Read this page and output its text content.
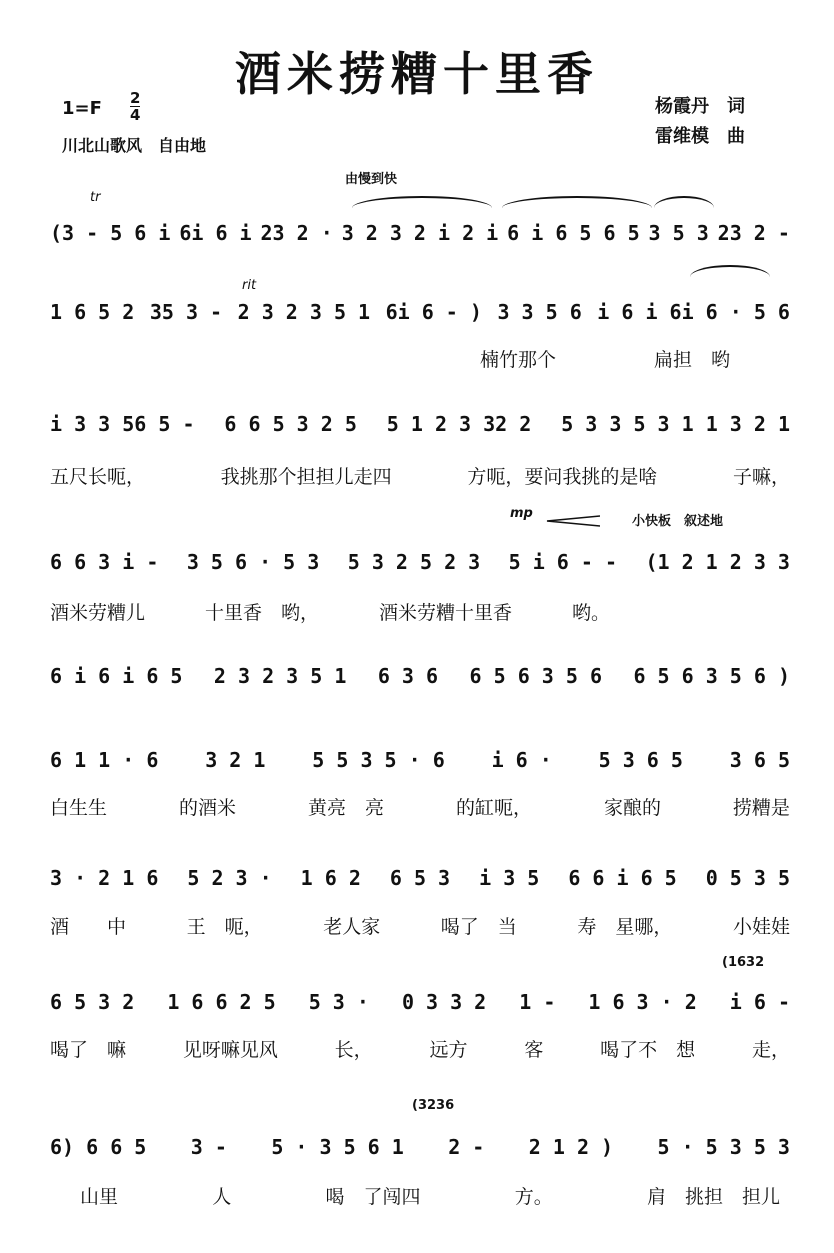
酒米捞糟十里香
1=F 2
4
川北山歌风　自由地
杨霞丹　词
雷维模　曲
由慢到快
tr
rit
mp
小快板　叙述地
(1632
(3236
(3 - 5 6 i 6i 6 i 23 2 · 3 2 3 2 i 2 i 6 i 6 5 6 5 3 5 3 23 2 -
1 6 5 2 35 3 - 2 3 2 3 5 1 6i 6 - ) 3 3 5 6 i 6 i 6i 6 · 5 6
楠竹那个	扁担　哟
i 3 3 56 5 - 6 6 5 3 2 5 5 1 2 3 32 2 5 3 3 5 3 1 1 3 2 1
五尺长呃，	我挑那个担担儿走四	方呃，要问我挑的是啥	子嘛，
6 6 3 i - 3 5 6 · 5 3 5 3 2 5 2 3 5 i 6 - - (1 2 1 2 3 3
酒米劳糟儿	十里香　哟，	酒米劳糟十里香	哟。
6 i 6 i 6 5 2 3 2 3 5 1 6 3 6 6 5 6 3 5 6 6 5 6 3 5 6 )
6 1 1 · 6 3 2 1 5 5 3 5 · 6 i 6 · 5 3 6 5 3 6 5
白生生	的酒米	黄亮　亮	的缸呃，	家酿的	捞糟是
3 · 2 1 6 5 2 3 · 1 6 2 6 5 3 i 3 5 6 6 i 6 5 0 5 3 5
酒　　中	王　呃，	老人家	喝了　当	寿　星哪，	小娃娃
6 5 3 2 1 6 6 2 5 5 3 · 0 3 3 2 1 - 1 6 3 · 2 i 6 -
喝了　嘛	见呀嘛见风	长，	远方	客	喝了不　想	走，
6) 6 6 5 3 - 5 · 3 5 6 1 2 - 2 1 2 ) 5 · 5 3 5 3
山里	人	喝　了闯四	方。	肩　挑担　担儿
